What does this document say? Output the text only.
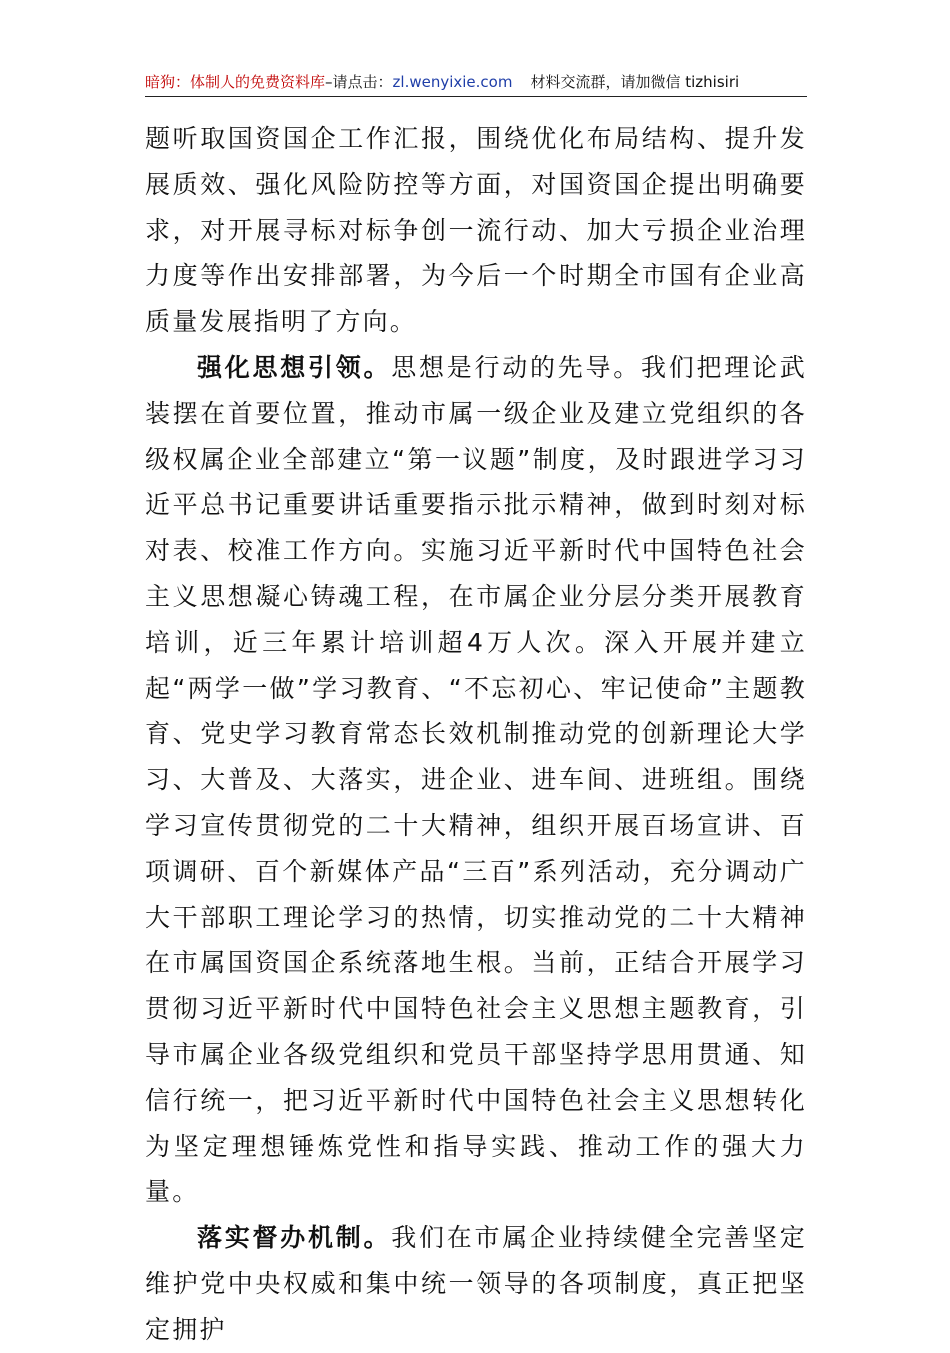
暗狗：体制人的免费资料库–请点击：zl.wenyixie.com 材料交流群，请加微信 tizhisiri

题听取国资国企工作汇报，围绕优化布局结构、提升发展质效、强化风险防控等方面，对国资国企提出明确要求，对开展寻标对标争创一流行动、加大亏损企业治理力度等作出安排部署，为今后一个时期全市国有企业高质量发展指明了方向。

强化思想引领。思想是行动的先导。我们把理论武装摆在首要位置，推动市属一级企业及建立党组织的各级权属企业全部建立“第一议题”制度，及时跟进学习习近平总书记重要讲话重要指示批示精神，做到时刻对标对表、校准工作方向。实施习近平新时代中国特色社会主义思想凝心铸魂工程，在市属企业分层分类开展教育培训，近三年累计培训超4万人次。深入开展并建立起“两学一做”学习教育、“不忘初心、牢记使命”主题教育、党史学习教育常态长效机制推动党的创新理论大学习、大普及、大落实，进企业、进车间、进班组。围绕学习宣传贯彻党的二十大精神，组织开展百场宣讲、百项调研、百个新媒体产品“三百”系列活动，充分调动广大干部职工理论学习的热情，切实推动党的二十大精神在市属国资国企系统落地生根。当前，正结合开展学习贯彻习近平新时代中国特色社会主义思想主题教育，引导市属企业各级党组织和党员干部坚持学思用贯通、知信行统一，把习近平新时代中国特色社会主义思想转化为坚定理想锤炼党性和指导实践、推动工作的强大力量。

落实督办机制。我们在市属企业持续健全完善坚定维护党中央权威和集中统一领导的各项制度，真正把坚定拥护
